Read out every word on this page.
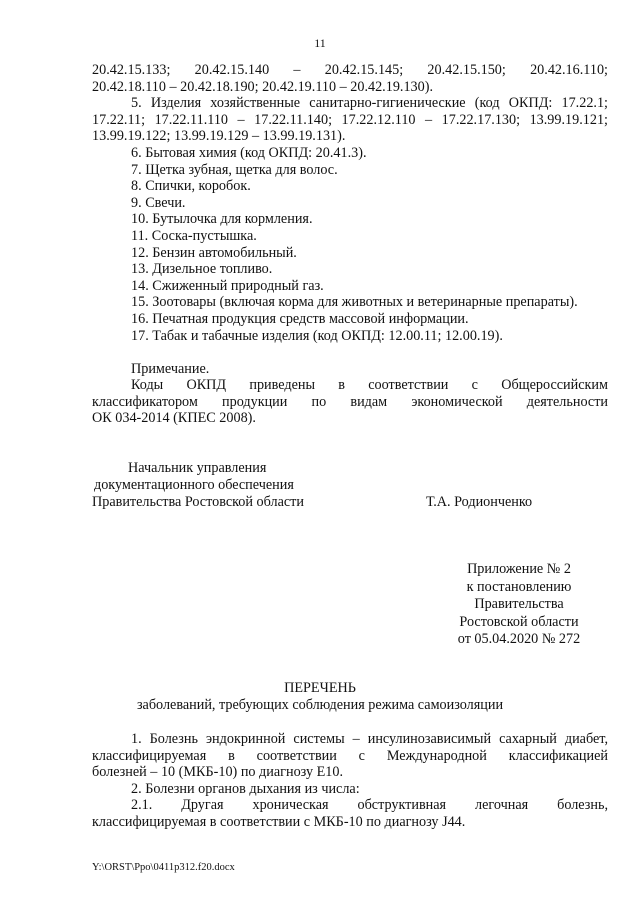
11
20.42.15.133; 20.42.15.140 – 20.42.15.145; 20.42.15.150; 20.42.16.110;
20.42.18.110 – 20.42.18.190; 20.42.19.110 – 20.42.19.130).
5. Изделия хозяйственные санитарно-гигиенические (код ОКПД: 17.22.1;
17.22.11; 17.22.11.110 – 17.22.11.140; 17.22.12.110 – 17.22.17.130; 13.99.19.121;
13.99.19.122; 13.99.19.129 – 13.99.19.131).
6. Бытовая химия (код ОКПД: 20.41.3).
7. Щетка зубная, щетка для волос.
8. Спички, коробок.
9. Свечи.
10. Бутылочка для кормления.
11. Соска-пустышка.
12. Бензин автомобильный.
13. Дизельное топливо.
14. Сжиженный природный газ.
15. Зоотовары (включая корма для животных и ветеринарные препараты).
16. Печатная продукция средств массовой информации.
17. Табак и табачные изделия (код ОКПД: 12.00.11; 12.00.19).
Примечание.
Коды ОКПД приведены в соответствии с Общероссийским
классификатором продукции по видам экономической деятельности
ОК 034-2014 (КПЕС 2008).
Начальник управления
документационного обеспечения
Правительства Ростовской области	Т.А. Родионченко
Приложение № 2
к постановлению
Правительства
Ростовской области
от 05.04.2020 № 272
ПЕРЕЧЕНЬ
заболеваний, требующих соблюдения режима самоизоляции
1. Болезнь эндокринной системы – инсулинозависимый сахарный диабет,
классифицируемая в соответствии с Международной классификацией
болезней – 10 (МКБ-10) по диагнозу E10.
2. Болезни органов дыхания из числа:
2.1. Другая хроническая обструктивная легочная болезнь,
классифицируемая в соответствии с МКБ-10 по диагнозу J44.
Y:\ORST\Ppo\0411p312.f20.docx
